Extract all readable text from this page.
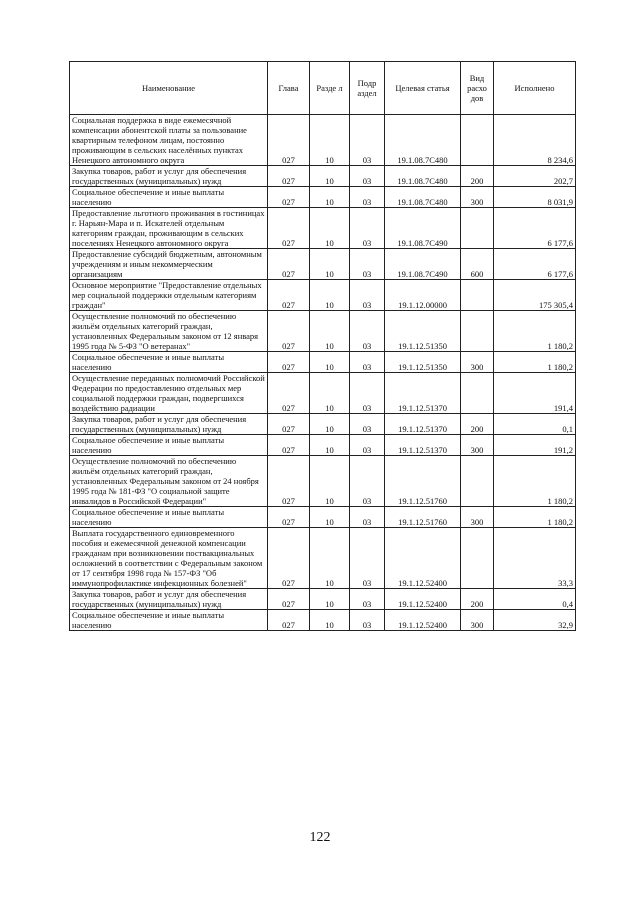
Наименование	Глава	Разде л	Подр аздел	Целевая статья	Вид расхо дов	Исполнено
Социальная поддержка в виде ежемесячной компенсации абонентской платы за пользование квартирным телефоном лицам, постоянно проживающим в сельских населённых пунктах Ненецкого автономного округа	027	10	03	19.1.08.7С480		8 234,6
Закупка товаров, работ и услуг для обеспечения государственных (муниципальных) нужд	027	10	03	19.1.08.7С480	200	202,7
Социальное обеспечение и иные выплаты населению	027	10	03	19.1.08.7С480	300	8 031,9
Предоставление льготного проживания в гостиницах г. Нарьян-Мара и п. Искателей отдельным категориям граждан, проживающим в сельских поселениях Ненецкого автономного округа	027	10	03	19.1.08.7С490		6 177,6
Предоставление субсидий бюджетным, автономным учреждениям и иным некоммерческим организациям	027	10	03	19.1.08.7С490	600	6 177,6
Основное мероприятие "Предоставление отдельных мер социальной поддержки отдельным категориям граждан"	027	10	03	19.1.12.00000		175 305,4
Осуществление полномочий по обеспечению жильём отдельных категорий граждан, установленных Федеральным законом от 12 января 1995 года № 5-ФЗ "О ветеранах"	027	10	03	19.1.12.51350		1 180,2
Социальное обеспечение и иные выплаты населению	027	10	03	19.1.12.51350	300	1 180,2
Осуществление переданных полномочий Российской Федерации по предоставлению отдельных мер социальной поддержки граждан, подвергшихся воздействию радиации	027	10	03	19.1.12.51370		191,4
Закупка товаров, работ и услуг для обеспечения государственных (муниципальных) нужд	027	10	03	19.1.12.51370	200	0,1
Социальное обеспечение и иные выплаты населению	027	10	03	19.1.12.51370	300	191,2
Осуществление полномочий по обеспечению жильём отдельных категорий граждан, установленных Федеральным законом от 24 ноября 1995 года № 181-ФЗ "О социальной защите инвалидов в Российской Федерации"	027	10	03	19.1.12.51760		1 180,2
Социальное обеспечение и иные выплаты населению	027	10	03	19.1.12.51760	300	1 180,2
Выплата государственного единовременного пособия и ежемесячной денежной компенсации гражданам при возникновении поствакцинальных осложнений в соответствии с Федеральным законом от 17 сентября 1998 года № 157-ФЗ "Об иммунопрофилактике инфекционных болезней"	027	10	03	19.1.12.52400		33,3
Закупка товаров, работ и услуг для обеспечения государственных (муниципальных) нужд	027	10	03	19.1.12.52400	200	0,4
Социальное обеспечение и иные выплаты населению	027	10	03	19.1.12.52400	300	32,9
122
